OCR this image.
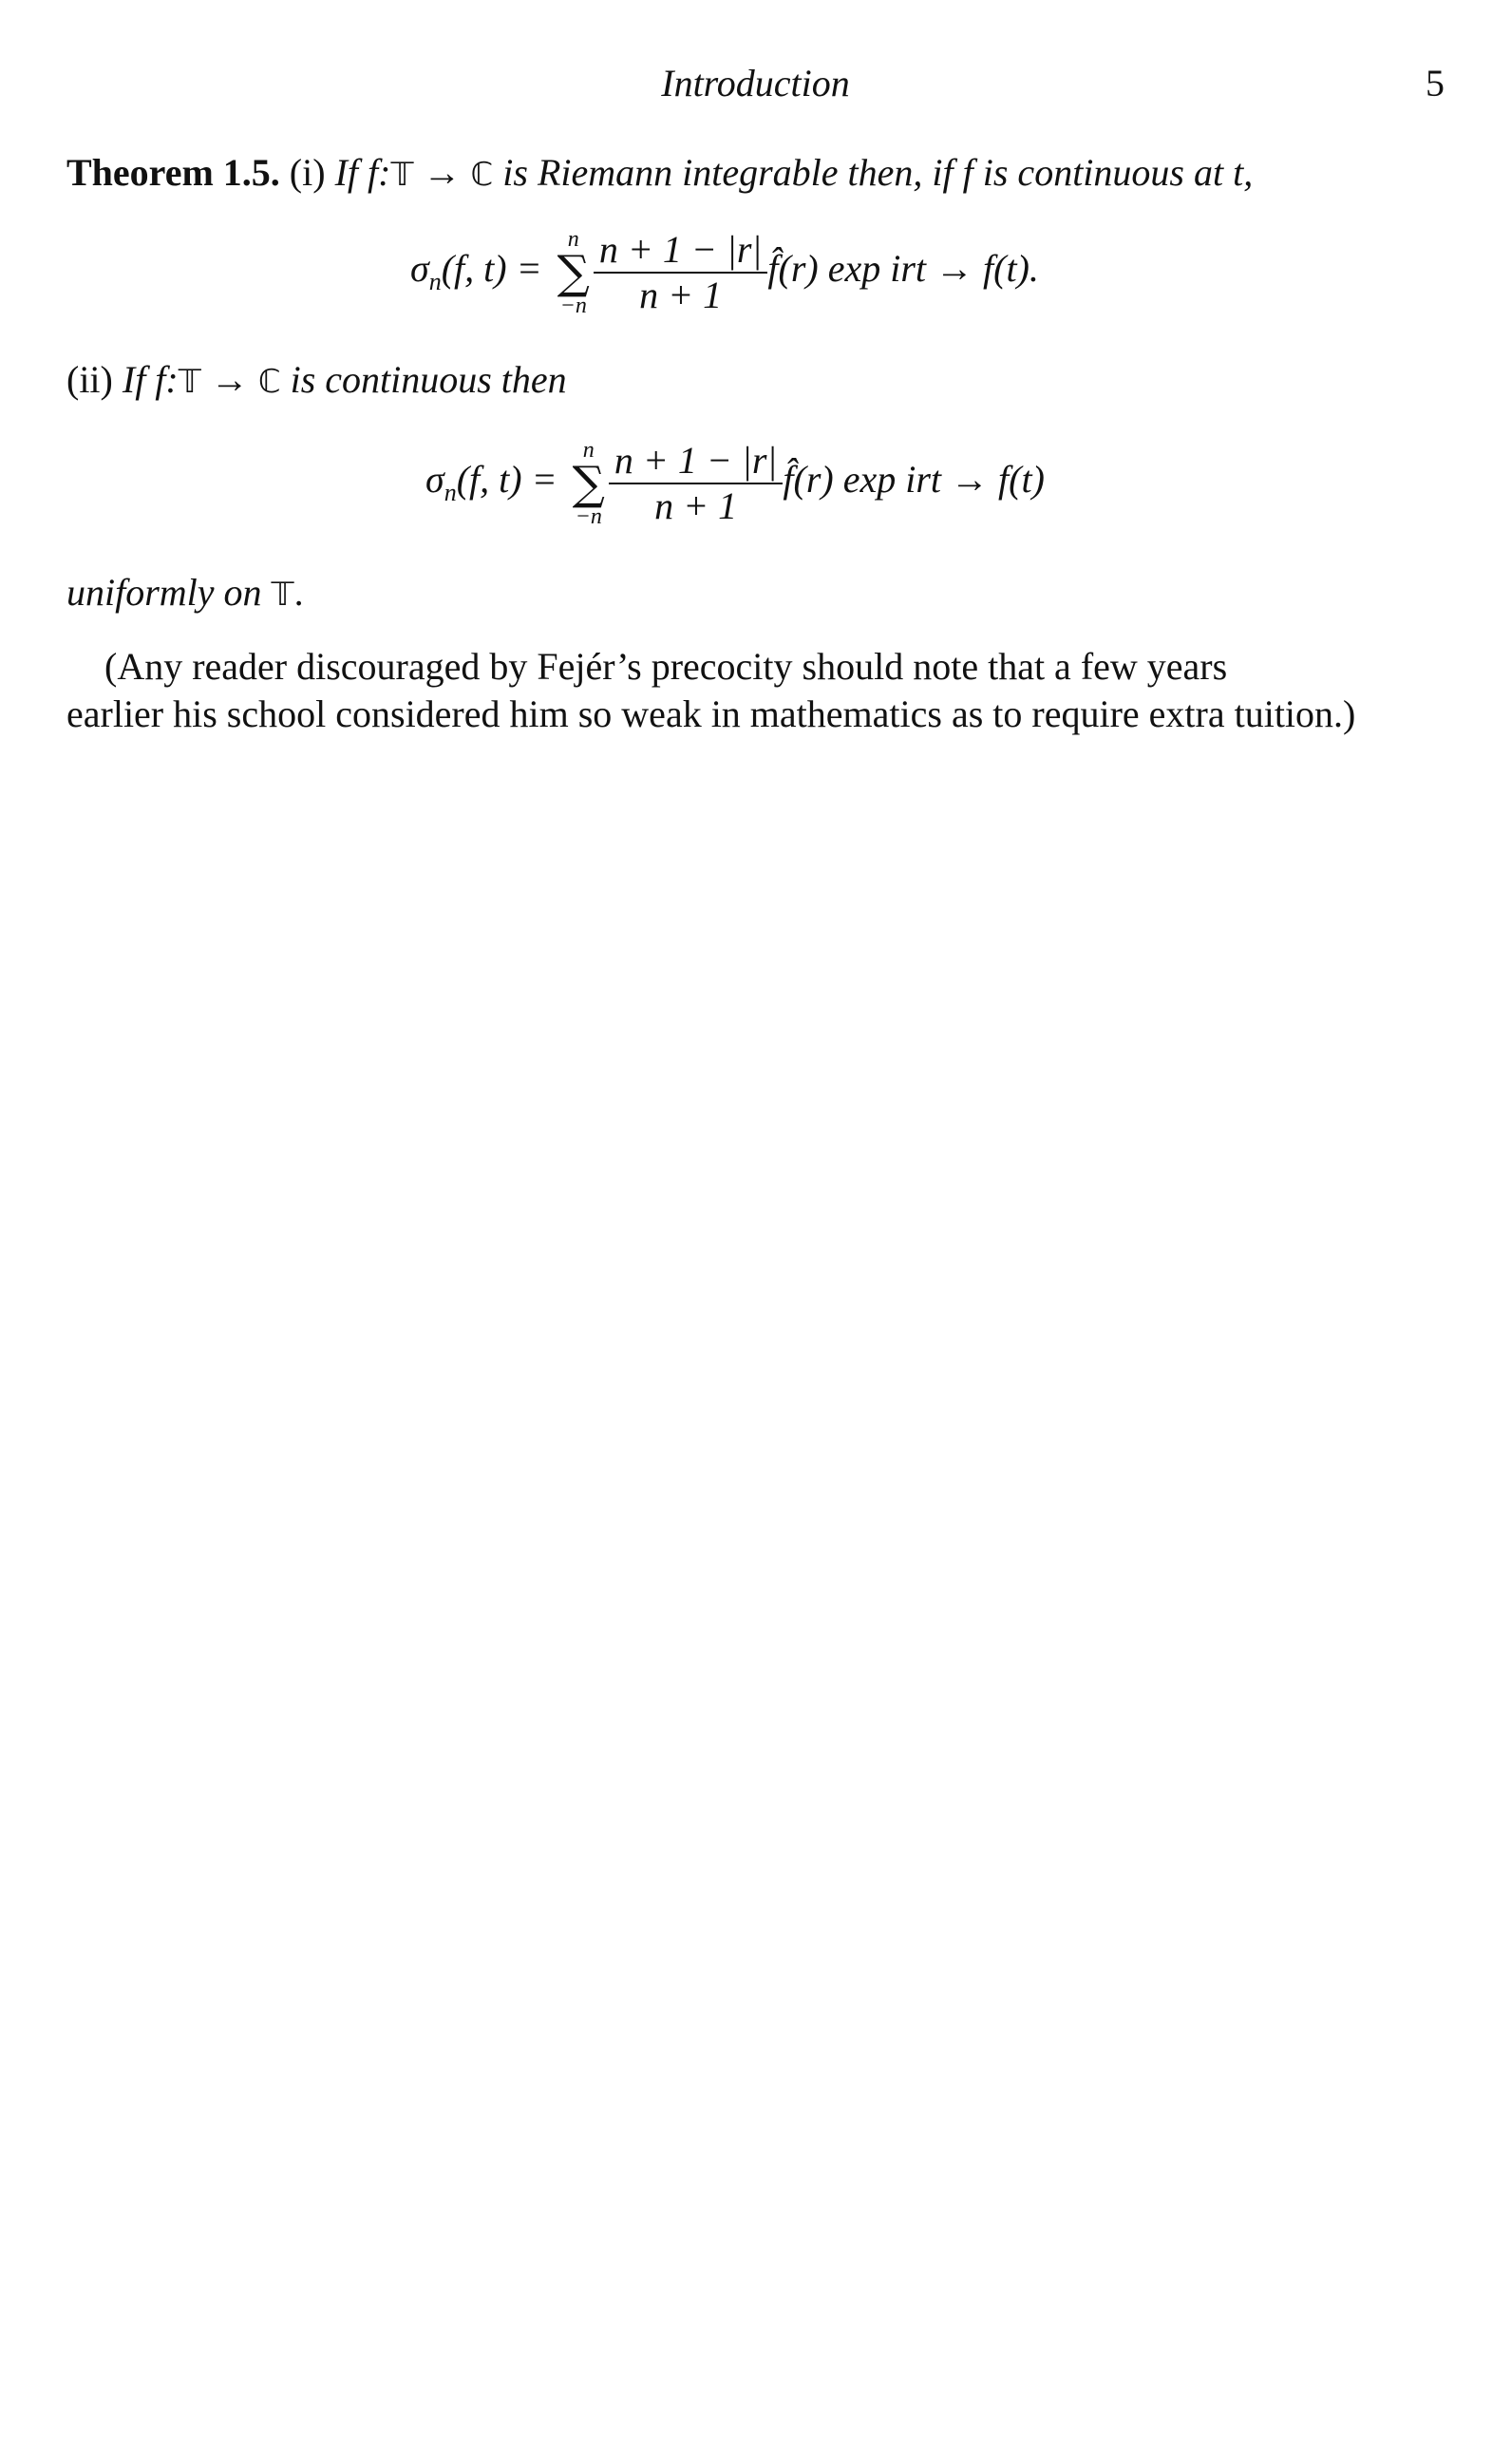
Introduction	5
Theorem 1.5. (i) If f:𝕋 → ℂ is Riemann integrable then, if f is continuous at t,
$\sigma_n(f$, t) =
n
∑
$-n \frac{n + 1 - |r|}{n + 1}$ f̂(r) exp irt → f(t).
(ii) If f:𝕋 → ℂ is continuous then
$\sigma_n(f$, t) =
n
∑
$-n \frac{n + 1 - |r|}{n + 1}$ f̂(r) exp irt → f(t)
uniformly on 𝕋.
(Any reader discouraged by Fejér’s precocity should note that a few years
earlier his school considered him so weak in mathematics as to require extra tuition.)
